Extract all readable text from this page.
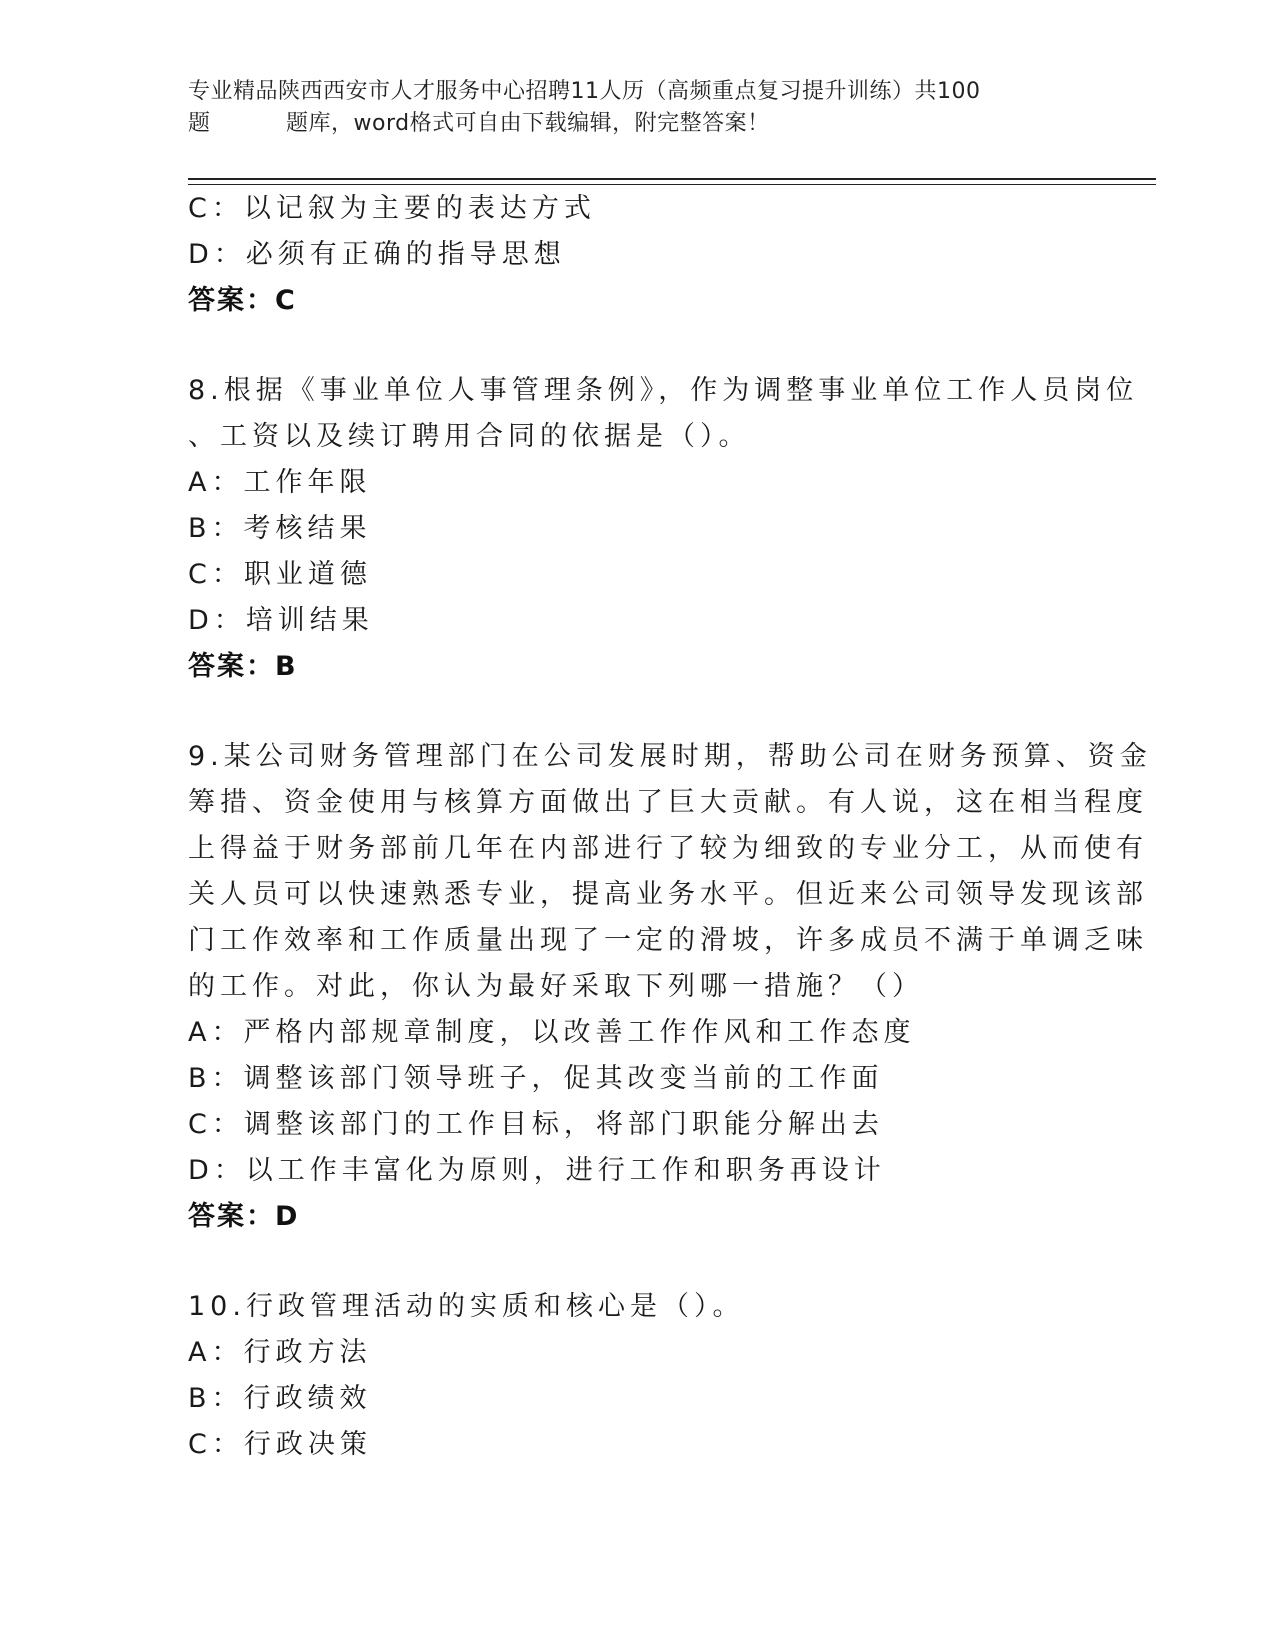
专业精品陕西西安市人才服务中心招聘11人历（高频重点复习提升训练）共100
题	题库，word格式可自由下载编辑，附完整答案！
C：以记叙为主要的表达方式
D：必须有正确的指导思想
答案：C
8.根据《事业单位人事管理条例》，作为调整事业单位工作人员岗位
、工资以及续订聘用合同的依据是（）。
A：工作年限
B：考核结果
C：职业道德
D：培训结果
答案：B
9.某公司财务管理部门在公司发展时期，帮助公司在财务预算、资金
筹措、资金使用与核算方面做出了巨大贡献。有人说，这在相当程度
上得益于财务部前几年在内部进行了较为细致的专业分工，从而使有
关人员可以快速熟悉专业，提高业务水平。但近来公司领导发现该部
门工作效率和工作质量出现了一定的滑坡，许多成员不满于单调乏味
的工作。对此，你认为最好采取下列哪一措施？（）
A：严格内部规章制度，以改善工作作风和工作态度
B：调整该部门领导班子，促其改变当前的工作面
C：调整该部门的工作目标，将部门职能分解出去
D：以工作丰富化为原则，进行工作和职务再设计
答案：D
10.行政管理活动的实质和核心是（）。
A：行政方法
B：行政绩效
C：行政决策
